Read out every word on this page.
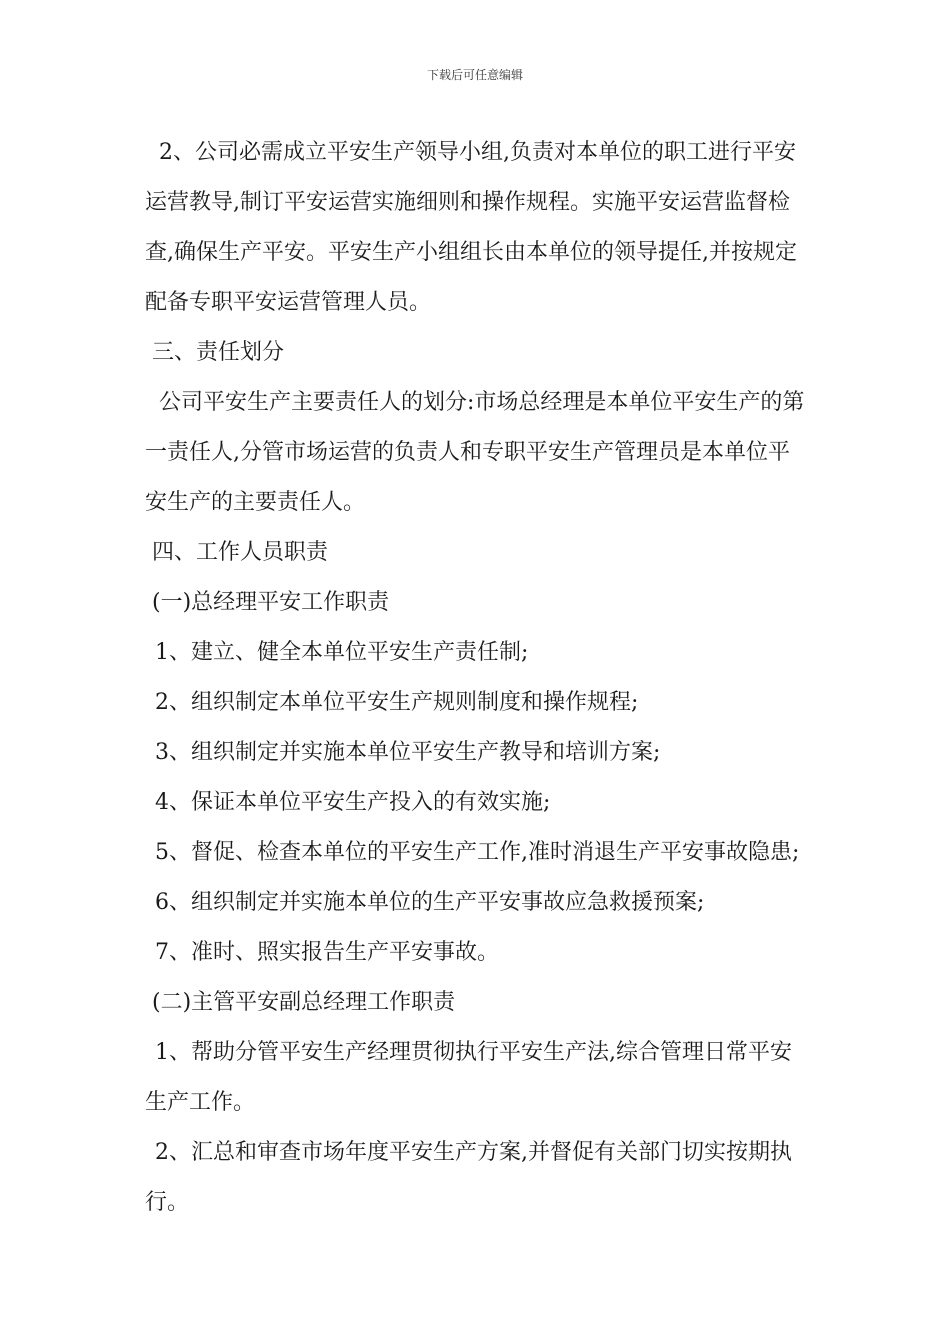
下载后可任意编辑

2、公司必需成立平安生产领导小组,负责对本单位的职工进行平安运营教导,制订平安运营实施细则和操作规程。实施平安运营监督检查,确保生产平安。平安生产小组组长由本单位的领导提任,并按规定配备专职平安运营管理人员。

三、责任划分

公司平安生产主要责任人的划分:市场总经理是本单位平安生产的第一责任人,分管市场运营的负责人和专职平安生产管理员是本单位平安生产的主要责任人。

四、工作人员职责

(一)总经理平安工作职责

1、建立、健全本单位平安生产责任制;

2、组织制定本单位平安生产规则制度和操作规程;

3、组织制定并实施本单位平安生产教导和培训方案;

4、保证本单位平安生产投入的有效实施;

5、督促、检查本单位的平安生产工作,准时消退生产平安事故隐患;

6、组织制定并实施本单位的生产平安事故应急救援预案;

7、准时、照实报告生产平安事故。

(二)主管平安副总经理工作职责

1、帮助分管平安生产经理贯彻执行平安生产法,综合管理日常平安生产工作。

2、汇总和审查市场年度平安生产方案,并督促有关部门切实按期执行。
